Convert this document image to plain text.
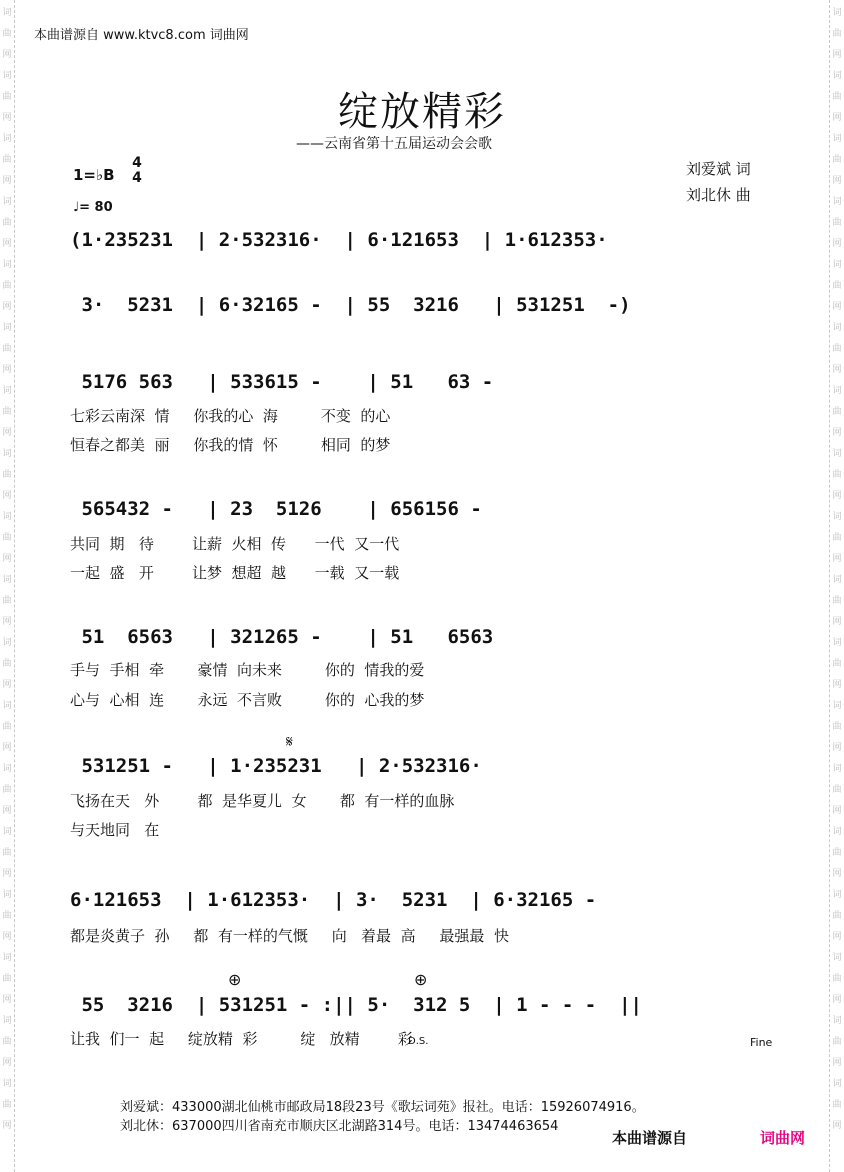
词
曲
网
词
曲
网
词
曲
网
词
曲
网
词
曲
网
词
曲
网
词
曲
网
词
曲
网
词
曲
网
词
曲
网
词
曲
网
词
曲
网
词
曲
网
词
曲
网
词
曲
网
词
曲
网
词
曲
网
词
曲
网
词
曲
网
词
曲
网
词
曲
网
词
曲
网
词
曲
网
词
曲
网
词
曲
网
词
曲
网
词
曲
网
词
曲
网
词
曲
网
词
曲
网
词
曲
网
词
曲
网
词
曲
网
词
曲
网
词
曲
网
词
曲
网
本曲谱源自 www.ktvc8.com 词曲网
绽放精彩
——云南省第十五届运动会会歌
1=♭B
4
4
♩= 80
刘爱斌 词
刘北休 曲
(1·235231  | 2·532316·  | 6·121653  | 1·612353·
3·  5231  | 6·32165 -  | 55  3216   | 531251  -)
5176 563   | 533615 -    | 51   63 -
七彩云南深  情     你我的心  海         不变  的心
恒春之都美  丽     你我的情  怀         相同  的梦
565432 -   | 23  5126    | 656156 -
共同  期   待        让薪  火相  传      一代  又一代
一起  盛   开        让梦  想超  越      一载  又一载
51  6563   | 321265 -    | 51   6563
手与  手相  牵       豪情  向未来         你的  情我的爱
心与  心相  连       永远  不言败         你的  心我的梦
𝄋
531251 -   | 1·235231   | 2·532316·
飞扬在天   外        都  是华夏儿  女       都  有一样的血脉
与天地同   在
6·121653  | 1·612353·  | 3·  5231  | 6·32165 -
都是炎黄子  孙     都  有一样的气慨     向   着最  高     最强最  快
⊕	⊕
55  3216  | 531251 - :|| 5·  312 5  | 1 - - -  ||
让我  们一  起     绽放精  彩         绽   放精        彩
D.S.	Fine
刘爱斌：433000湖北仙桃市邮政局18段23号《歌坛词苑》报社。电话：15926074916。
刘北休：637000四川省南充市顺庆区北湖路314号。电话：13474463654
本曲谱源自	词曲网
